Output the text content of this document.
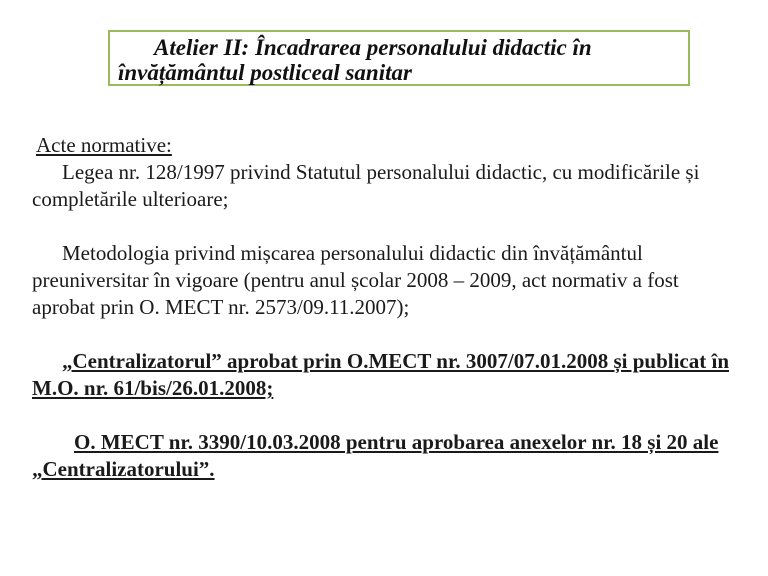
Atelier II: Încadrarea personalului didactic în
învățământul postliceal sanitar
Acte normative:

Legea nr. 128/1997 privind Statutul personalului didactic, cu modificările și completările ulterioare;

Metodologia privind mișcarea personalului didactic din învățământul preuniversitar în vigoare (pentru anul școlar 2008 – 2009, act normativ a fost aprobat prin O. MECT nr. 2573/09.11.2007);

„Centralizatorul” aprobat prin O.MECT nr. 3007/07.01.2008 și publicat în M.O. nr. 61/bis/26.01.2008;

O. MECT nr. 3390/10.03.2008 pentru aprobarea anexelor nr. 18 și 20 ale „Centralizatorului”.
